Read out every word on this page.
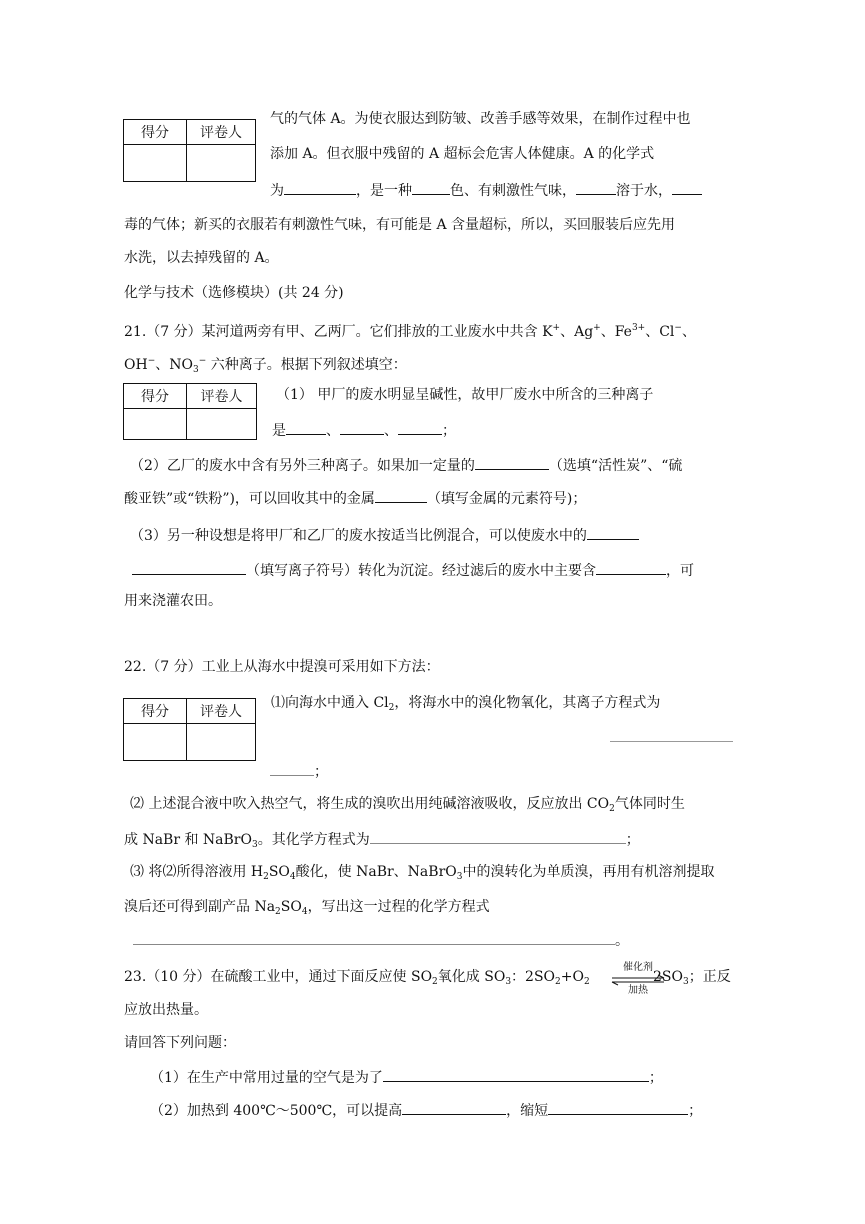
得分	评卷人

气的气体 A。为使衣服达到防皱、改善手感等效果，在制作过程中也
添加 A。但衣服中残留的 A 超标会危害人体健康。A 的化学式
为	，是一种	色、有刺激性气味，	溶于水，
毒的气体；新买的衣服若有刺激性气味，有可能是 A 含量超标，所以，买回服装后应先用
水洗，以去掉残留的 A。
化学与技术（选修模块）(共 24 分)
21.（7 分）某河道两旁有甲、乙两厂。它们排放的工业废水中共含 K+、Ag+、$Fe^{3+}$、Cl−、
OH−、$NO_3^-$ 六种离子。根据下列叙述填空：
得分	评卷人
	（1） 甲厂的废水明显呈碱性，故甲厂废水中所含的三种离子
是	、	、	；
（2）乙厂的废水中含有另外三种离子。如果加一定量的	（选填“活性炭”、“硫
酸亚铁”或“铁粉”)，可以回收其中的金属	（填写金属的元素符号)；
（3）另一种设想是将甲厂和乙厂的废水按适当比例混合，可以使废水中的
（填写离子符号）转化为沉淀。经过滤后的废水中主要含	，可
用来浇灌农田。
22.（7 分）工业上从海水中提溴可采用如下方法：
得分	评卷人

⑴向海水中通入 $Cl_2$，将海水中的溴化物氧化，其离子方程式为
；
⑵ 上述混合液中吹入热空气，将生成的溴吹出用纯碱溶液吸收，反应放出 $CO_2$气体同时生
成 NaBr 和 NaBrO$_3$。其化学方程式为	；
⑶ 将⑵所得溶液用 $H_2SO_4$酸化，使 NaBr、NaBrO$_3$中的溴转化为单质溴，再用有机溶剂提取
溴后还可得到副产品 $Na_2SO_4$，写出这一过程的化学方程式
。
23.（10 分）在硫酸工业中，通过下面反应使 $SO_2$氧化成 $SO_3$：$2SO_2+O_2$
催化剂
加热
$2SO_3$；正反
应放出热量。
请回答下列问题：
（1）在生产中常用过量的空气是为了	；
（2）加热到 400℃～500℃，可以提高	，缩短	；
